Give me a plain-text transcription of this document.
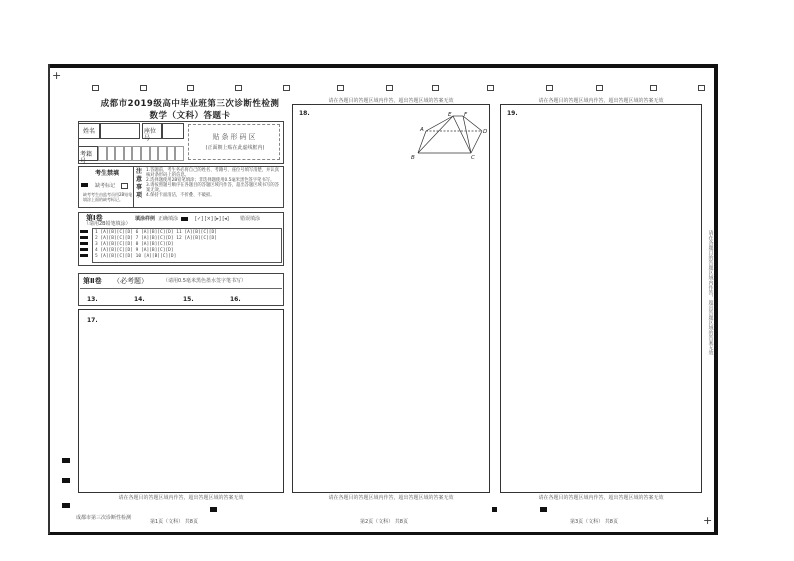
+
+
成都市2019级高中毕业班第三次诊断性检测
数学（文科）答题卡
姓名	座位号
考籍号
贴条形码区
(正面朝上贴在此虚线框内)
考生禁填
缺考标记
缺考考生由监考员用2B铅笔填涂上面的缺考标记。
注意事项
1.答题前，考生务必将自己的姓名、考籍号、座位号填写清楚，并认真核对条形码上的信息。
2.选择题使用2B铅笔填涂；非选择题使用0.5毫米黑色签字笔书写。
3.请按照题号顺序在各题目的答题区域内作答，超出答题区域书写的答案无效。
4.保持卡面清洁，不折叠、不破损。
第Ⅰ卷
（请用2B铅笔填涂）
填涂样例 正确填涂	[✓] [×] [▸] [◂] 错误填涂
1 [A][B][C][D] 6 [A][B][C][D] 11 [A][B][C][D]
2 [A][B][C][D] 7 [A][B][C][D] 12 [A][B][C][D]
3 [A][B][C][D] 8 [A][B][C][D]
4 [A][B][C][D] 9 [A][B][C][D]
5 [A][B][C][D] 10 [A][B][C][D]
第Ⅱ卷 （必考题）	（请用0.5毫米黑色墨水签字笔书写）
13.	14.	15.	16.
17.
请在各题目的答题区域内作答，超出答题区域的答案无效
请在各题目的答题区域内作答，超出答题区域的答案无效
18.	E F
A
B	C
D
请在各题目的答题区域内作答，超出答题区域的答案无效
请在各题目的答题区域内作答，超出答题区域的答案无效
19.
请在各题目的答题区域内作答，超出答题区域的答案无效
请在各题目的答题区域内作答，超出答题区域的答案无效
成都市第三次诊断性检测
第1页（文科） 共8页	第2页（文科） 共8页	第3页（文科） 共8页
